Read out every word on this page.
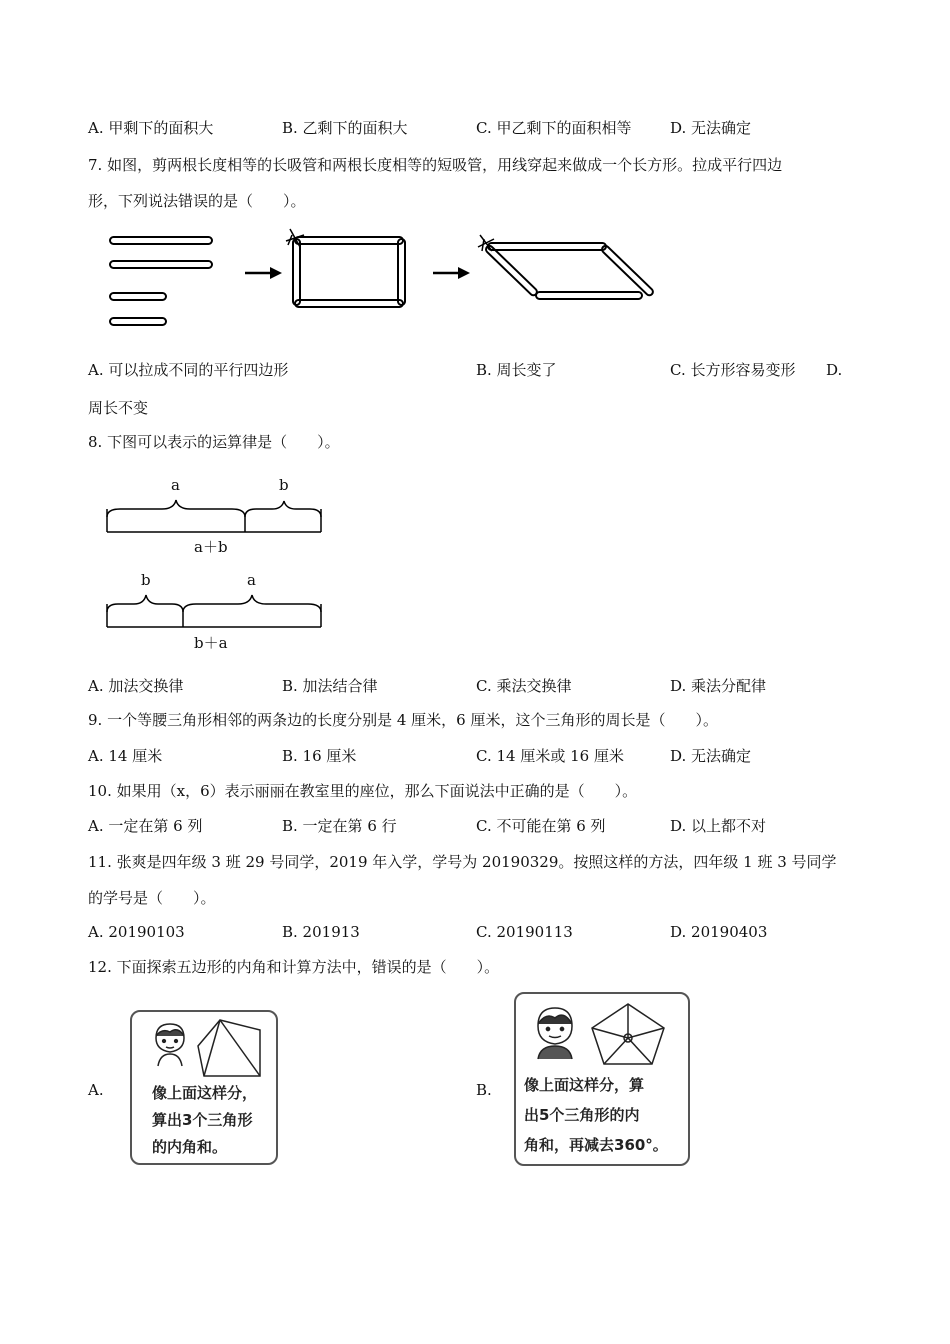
A. 甲剩下的面积大	B. 乙剩下的面积大	C. 甲乙剩下的面积相等	D. 无法确定
7. 如图，剪两根长度相等的长吸管和两根长度相等的短吸管，用线穿起来做成一个长方形。拉成平行四边
形，下列说法错误的是（　　）。
A. 可以拉成不同的平行四边形	B. 周长变了	C. 长方形容易变形 D.
周长不变
8. 下图可以表示的运算律是（　　）。
a	b
a＋b
b	a
b＋a
A. 加法交换律	B. 加法结合律	C. 乘法交换律	D. 乘法分配律
9. 一个等腰三角形相邻的两条边的长度分别是 4 厘米，6 厘米，这个三角形的周长是（　　）。
A. 14 厘米	B. 16 厘米	C. 14 厘米或 16 厘米	D. 无法确定
10. 如果用（x，6）表示丽丽在教室里的座位，那么下面说法中正确的是（　　）。
A. 一定在第 6 列	B. 一定在第 6 行	C. 不可能在第 6 列	D. 以上都不对
11. 张爽是四年级 3 班 29 号同学，2019 年入学，学号为 20190329。按照这样的方法，四年级 1 班 3 号同学
的学号是（　　）。
A. 20190103	B. 201913	C. 20190113	D. 20190403
12. 下面探索五边形的内角和计算方法中，错误的是（　　）。
A.	像上面这样分，
算出3个三角形
的内角和。
B. 像上面这样分，算
出5个三角形的内
角和，再减去360°。
